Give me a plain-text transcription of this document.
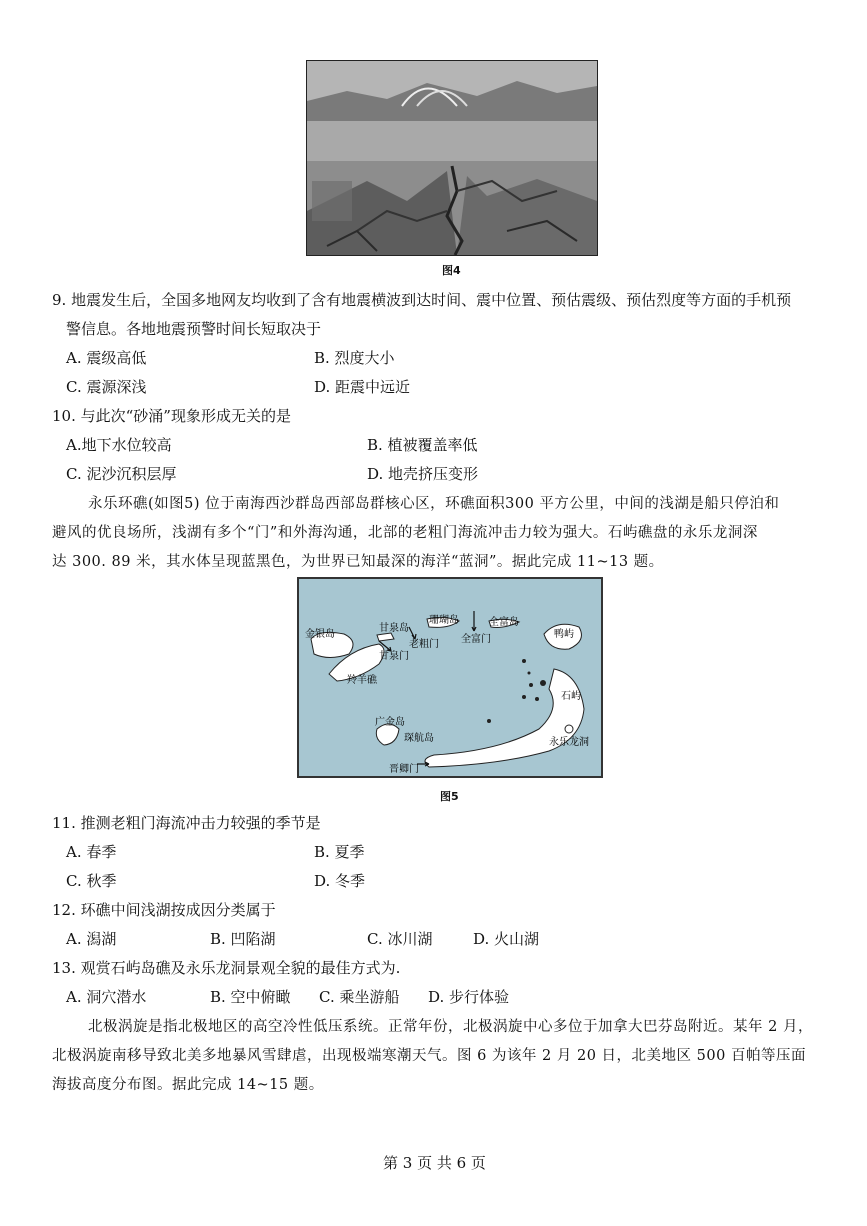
图4
9. 地震发生后，全国多地网友均收到了含有地震横波到达时间、震中位置、预估震级、预估烈度等方面的手机预
警信息。各地地震预警时间长短取决于
A. 震级高低	B. 烈度大小
C. 震源深浅	D. 距震中远近
10. 与此次“砂涌”现象形成无关的是
A.地下水位较高	B. 植被覆盖率低
C. 泥沙沉积层厚	D. 地壳挤压变形
永乐环礁(如图5) 位于南海西沙群岛西部岛群核心区，环礁面积300 平方公里，中间的浅湖是船只停泊和
避风的优良场所，浅湖有多个“门”和外海沟通，北部的老粗门海流冲击力较为强大。石屿礁盘的永乐龙洞深
达 300. 89 米，其水体呈现蓝黑色，为世界已知最深的海洋“蓝洞”。据此完成 11~13 题。
金银岛
甘泉岛
珊瑚岛	全富岛
鸭屿
老粗门 全富门
甘泉门
羚羊礁
石屿
广金岛
琛航岛	永乐龙洞
晋卿门
图5
11. 推测老粗门海流冲击力较强的季节是
A. 春季	B. 夏季
C. 秋季	D. 冬季
12. 环礁中间浅湖按成因分类属于
A. 潟湖	B. 凹陷湖	C. 冰川湖	D. 火山湖
13. 观赏石屿岛礁及永乐龙洞景观全貌的最佳方式为.
A. 洞穴潜水	B. 空中俯瞰 C. 乘坐游船 D. 步行体验
北极涡旋是指北极地区的高空冷性低压系统。正常年份，北极涡旋中心多位于加拿大巴芬岛附近。某年 2 月，
北极涡旋南移导致北美多地暴风雪肆虐，出现极端寒潮天气。图 6 为该年 2 月 20 日，北美地区 500 百帕等压面
海拔高度分布图。据此完成 14~15 题。
第 3 页 共 6 页
